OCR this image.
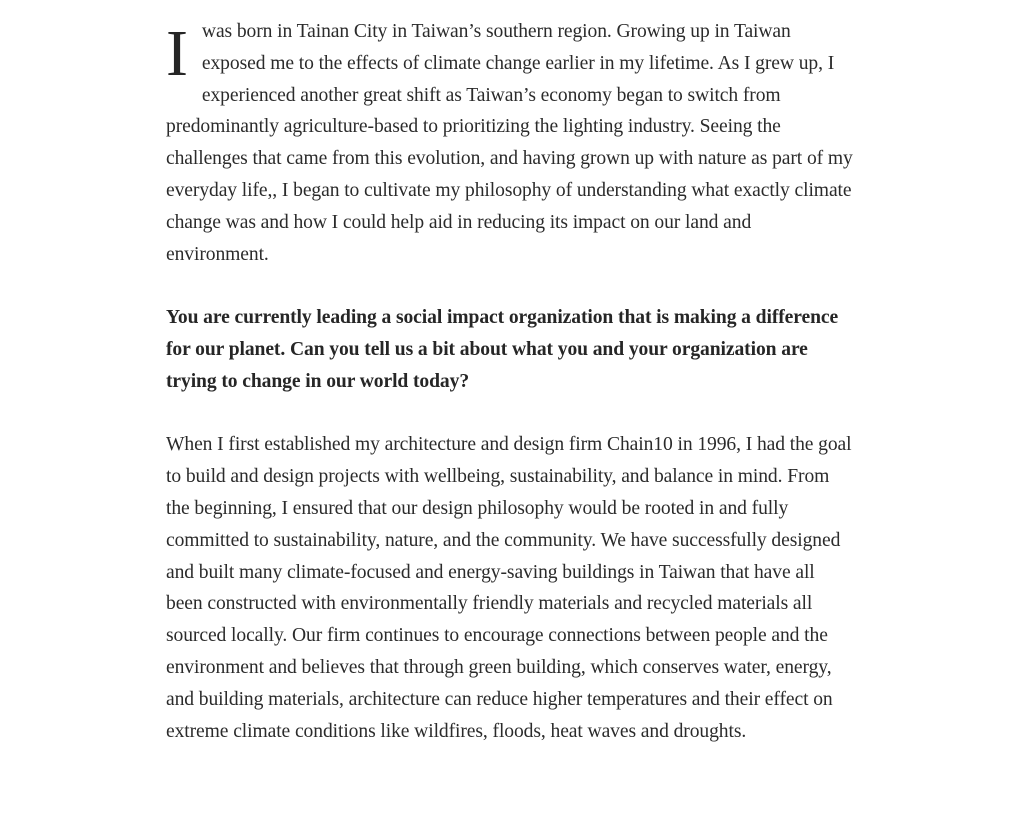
I was born in Tainan City in Taiwan’s southern region. Growing up in Taiwan exposed me to the effects of climate change earlier in my lifetime. As I grew up, I experienced another great shift as Taiwan’s economy began to switch from predominantly agriculture-based to prioritizing the lighting industry. Seeing the challenges that came from this evolution, and having grown up with nature as part of my everyday life,, I began to cultivate my philosophy of understanding what exactly climate change was and how I could help aid in reducing its impact on our land and environment.

You are currently leading a social impact organization that is making a difference for our planet. Can you tell us a bit about what you and your organization are trying to change in our world today?

When I first established my architecture and design firm Chain10 in 1996, I had the goal to build and design projects with wellbeing, sustainability, and balance in mind. From the beginning, I ensured that our design philosophy would be rooted in and fully committed to sustainability, nature, and the community. We have successfully designed and built many climate-focused and energy-saving buildings in Taiwan that have all been constructed with environmentally friendly materials and recycled materials all sourced locally. Our firm continues to encourage connections between people and the environment and believes that through green building, which conserves water, energy, and building materials, architecture can reduce higher temperatures and their effect on extreme climate conditions like wildfires, floods, heat waves and droughts.
